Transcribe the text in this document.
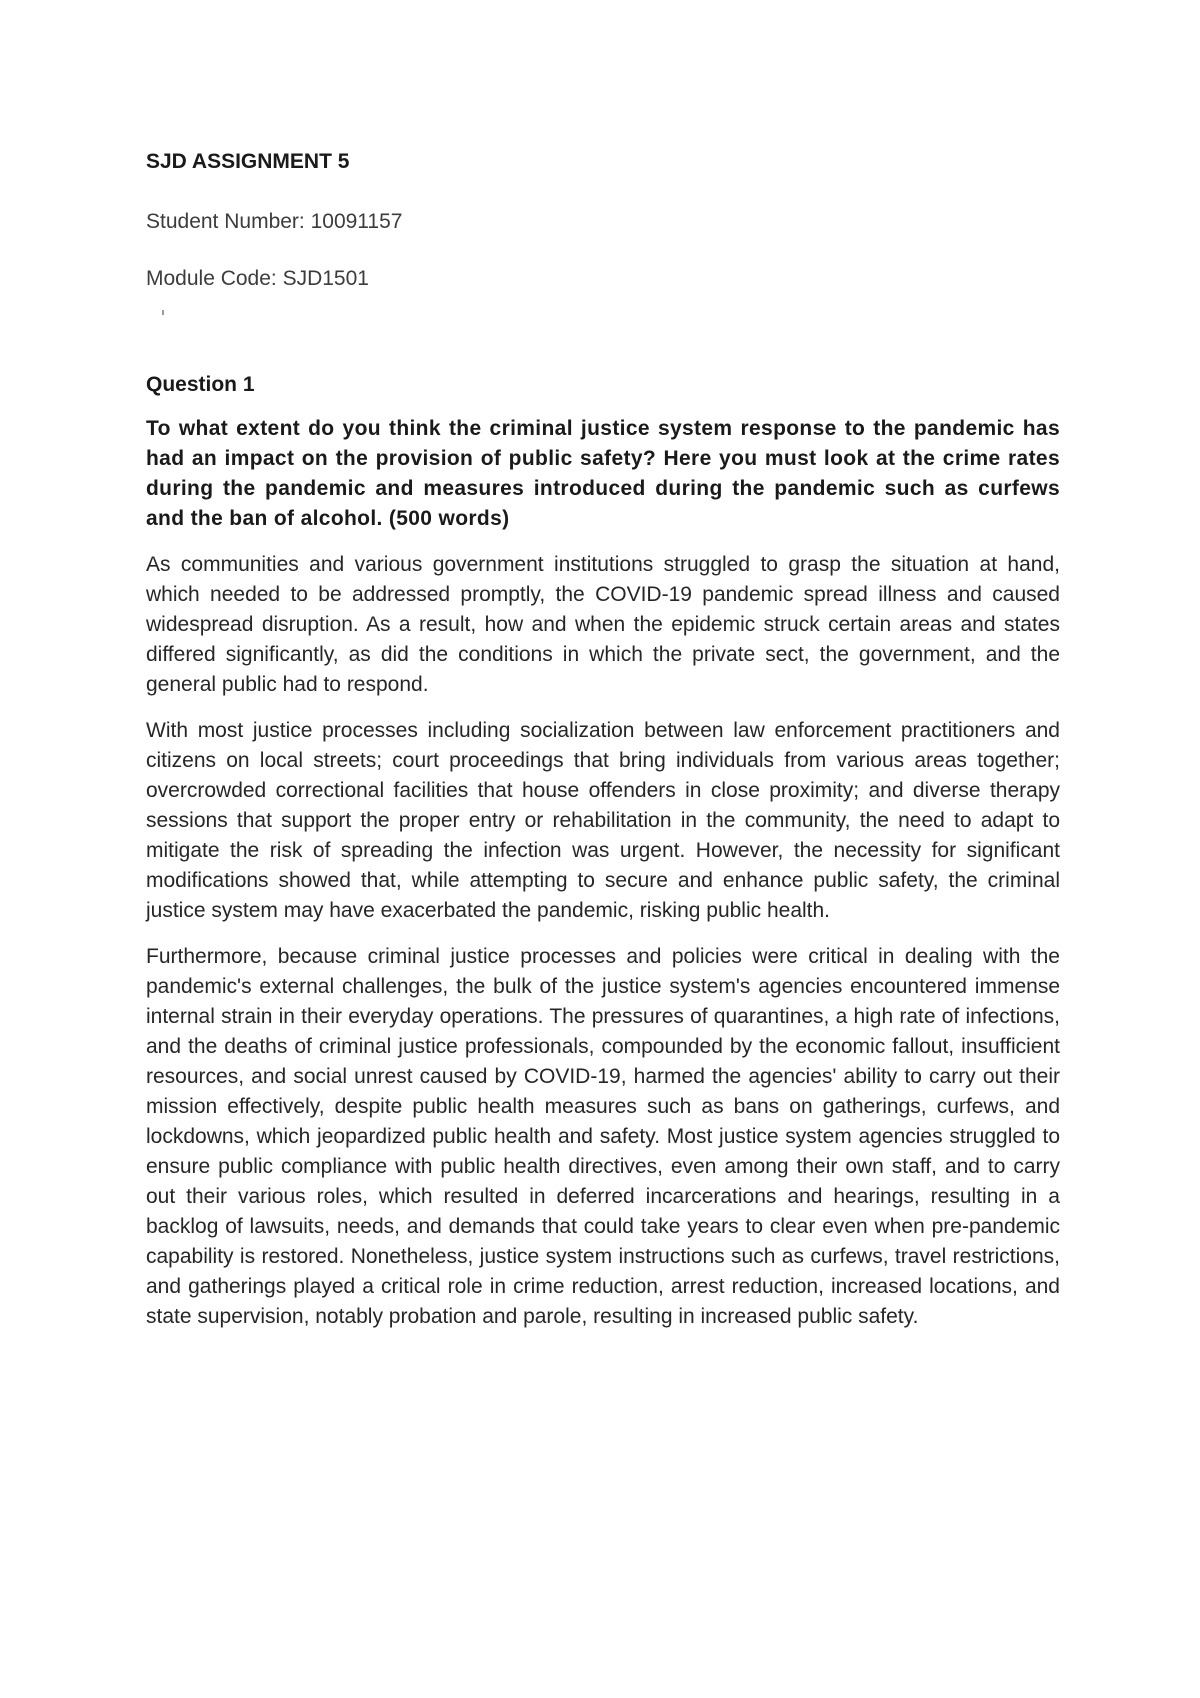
SJD ASSIGNMENT 5

Student Number: 10091157

Module Code: SJD1501

Question 1

To what extent do you think the criminal justice system response to the pandemic has had an impact on the provision of public safety? Here you must look at the crime rates during the pandemic and measures introduced during the pandemic such as curfews and the ban of alcohol. (500 words)

As communities and various government institutions struggled to grasp the situation at hand, which needed to be addressed promptly, the COVID-19 pandemic spread illness and caused widespread disruption. As a result, how and when the epidemic struck certain areas and states differed significantly, as did the conditions in which the private sect, the government, and the general public had to respond.

With most justice processes including socialization between law enforcement practitioners and citizens on local streets; court proceedings that bring individuals from various areas together; overcrowded correctional facilities that house offenders in close proximity; and diverse therapy sessions that support the proper entry or rehabilitation in the community, the need to adapt to mitigate the risk of spreading the infection was urgent. However, the necessity for significant modifications showed that, while attempting to secure and enhance public safety, the criminal justice system may have exacerbated the pandemic, risking public health.

Furthermore, because criminal justice processes and policies were critical in dealing with the pandemic's external challenges, the bulk of the justice system's agencies encountered immense internal strain in their everyday operations. The pressures of quarantines, a high rate of infections, and the deaths of criminal justice professionals, compounded by the economic fallout, insufficient resources, and social unrest caused by COVID-19, harmed the agencies' ability to carry out their mission effectively, despite public health measures such as bans on gatherings, curfews, and lockdowns, which jeopardized public health and safety. Most justice system agencies struggled to ensure public compliance with public health directives, even among their own staff, and to carry out their various roles, which resulted in deferred incarcerations and hearings, resulting in a backlog of lawsuits, needs, and demands that could take years to clear even when pre-pandemic capability is restored. Nonetheless, justice system instructions such as curfews, travel restrictions, and gatherings played a critical role in crime reduction, arrest reduction, increased locations, and state supervision, notably probation and parole, resulting in increased public safety.
